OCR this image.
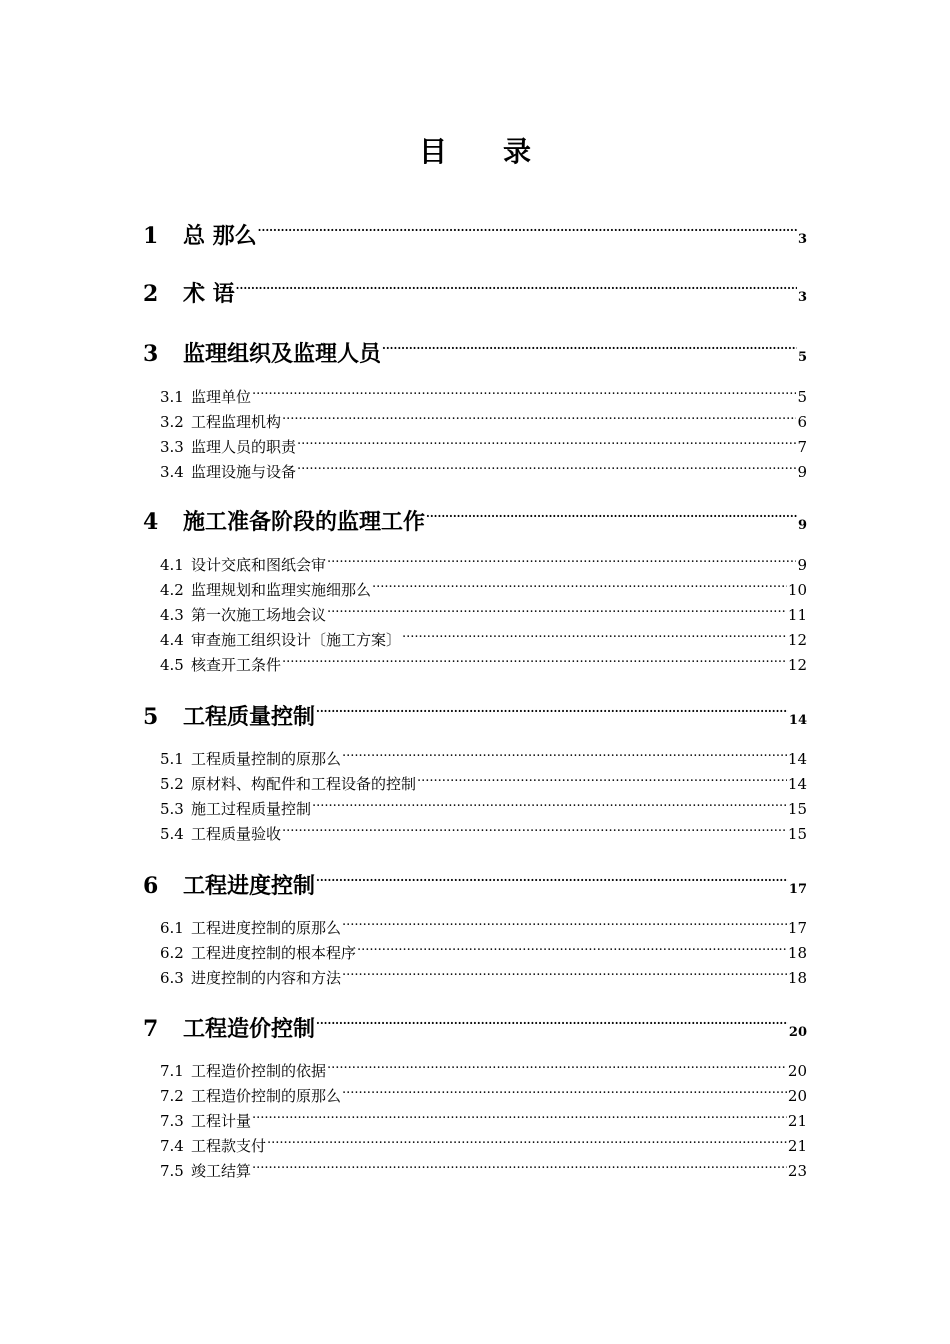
目　　录
1	总 那么 .....	3
2	术 语 .....	3
3	监理组织及监理人员 .....	5
3.1 监理单位 .....	5
3.2 工程监理机构 .....	6
3.3 监理人员的职责 .....	7
3.4 监理设施与设备 .....	9
4	施工准备阶段的监理工作 .....	9
4.1 设计交底和图纸会审 .....	9
4.2 监理规划和监理实施细那么 .....	10
4.3 第一次施工场地会议 .....	11
4.4 审查施工组织设计〔施工方案〕 .....	12
4.5 核查开工条件 .....	12
5	工程质量控制 .....	14
5.1 工程质量控制的原那么 .....	14
5.2 原材料、构配件和工程设备的控制 .....	14
5.3 施工过程质量控制 .....	15
5.4 工程质量验收 .....	15
6	工程进度控制 .....	17
6.1 工程进度控制的原那么 .....	17
6.2 工程进度控制的根本程序 .....	18
6.3 进度控制的内容和方法 .....	18
7	工程造价控制 .....	20
7.1 工程造价控制的依据 .....	20
7.2 工程造价控制的原那么 .....	20
7.3 工程计量 .....	21
7.4 工程款支付 .....	21
7.5 竣工结算 .....	23
